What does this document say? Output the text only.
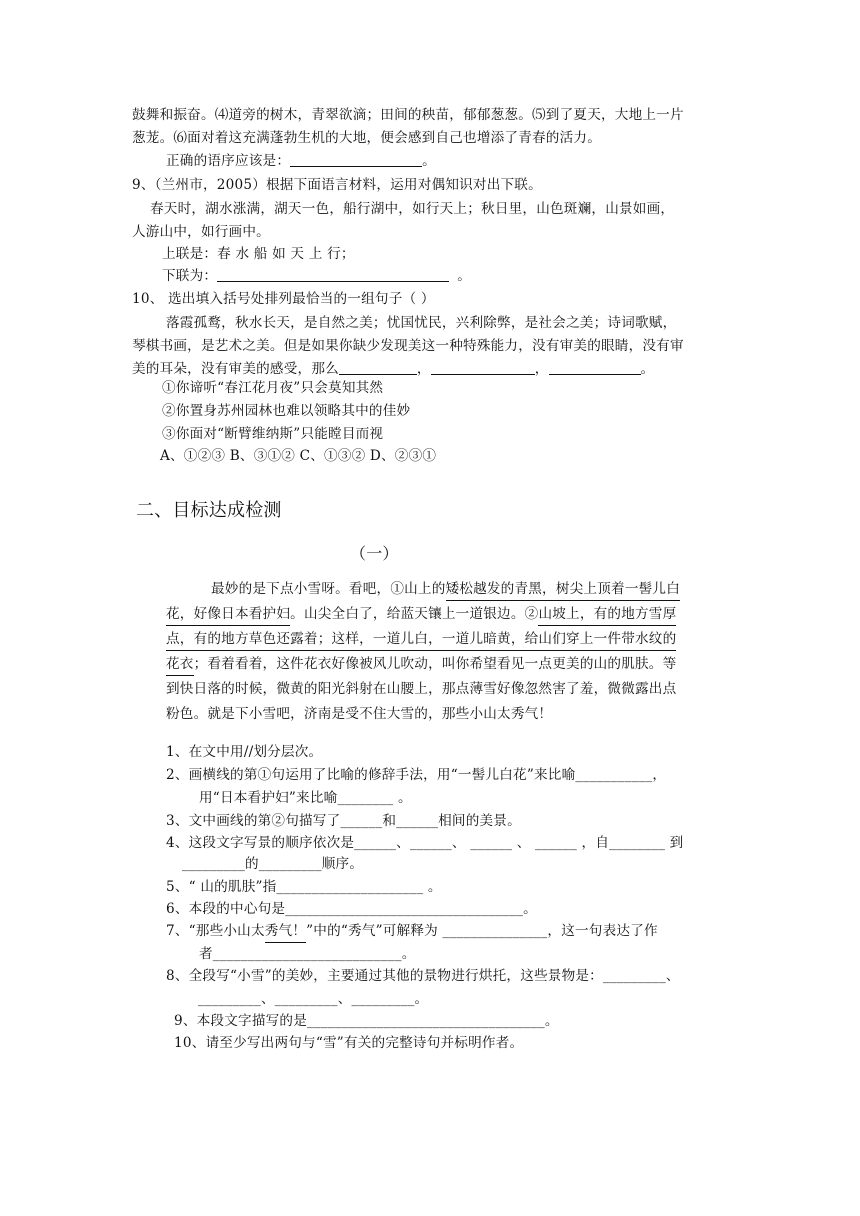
鼓舞和振奋。⑷道旁的树木，青翠欲滴；田间的秧苗，郁郁葱葱。⑸到了夏天，大地上一片

葱茏。⑹面对着这充满蓬勃生机的大地，便会感到自己也增添了青春的活力。

正确的语序应该是：	。

9、（兰州市，2005）根据下面语言材料，运用对偶知识对出下联。

春天时，湖水涨满，湖天一色，船行湖中，如行天上；秋日里，山色斑斓，山景如画，

人游山中，如行画中。

上联是：春 水 船 如 天 上 行；

下联为：	。

10、 选出填入括号处排列最恰当的一组句子（ ）

落霞孤鹜，秋水长天，是自然之美；忧国忧民，兴利除弊，是社会之美；诗词歌赋，

琴棋书画，是艺术之美。但是如果你缺少发现美这一种特殊能力，没有审美的眼睛，没有审

美的耳朵，没有审美的感受，那么	，	，	。

①你谛听“春江花月夜”只会莫知其然

②你置身苏州园林也难以领略其中的佳妙

③你面对“断臂维纳斯”只能瞠目而视

A、①②③ B、③①② C、①③② D、②③①

二、目标达成检测

（一）

最妙的是下点小雪呀。看吧，①山上的矮松越发的青黑，树尖上顶着一髻儿白

花，好像日本看护妇。山尖全白了，给蓝天镶上一道银边。②山坡上，有的地方雪厚

点，有的地方草色还露着；这样，一道儿白，一道儿暗黄，给山们穿上一件带水纹的

花衣；看着看着，这件花衣好像被风儿吹动，叫你希望看见一点更美的山的肌肤。等

到快日落的时候，微黄的阳光斜射在山腰上，那点薄雪好像忽然害了羞，微微露出点

粉色。就是下小雪吧，济南是受不住大雪的，那些小山太秀气！

1、在文中用//划分层次。

2、画横线的第①句运用了比喻的修辞手法，用“一髻儿白花”来比喻___________，

用“日本看护妇”来比喻________ 。

3、文中画线的第②句描写了______和______相间的美景。

4、这段文字写景的顺序依次是______、______、 ______ 、 ______ ，自________ 到

_________的_________顺序。

5、“ 山的肌肤”指_____________________ 。

6、本段的中心句是__________________________________。

7、“那些小山太秀气！”中的“秀气”可解释为 _______________，这一句表达了作

者___________________________。

8、全段写“小雪”的美妙，主要通过其他的景物进行烘托，这些景物是：_________、

_________、_________、_________。

9、本段文字描写的是__________________________________。

10、请至少写出两句与“雪”有关的完整诗句并标明作者。
